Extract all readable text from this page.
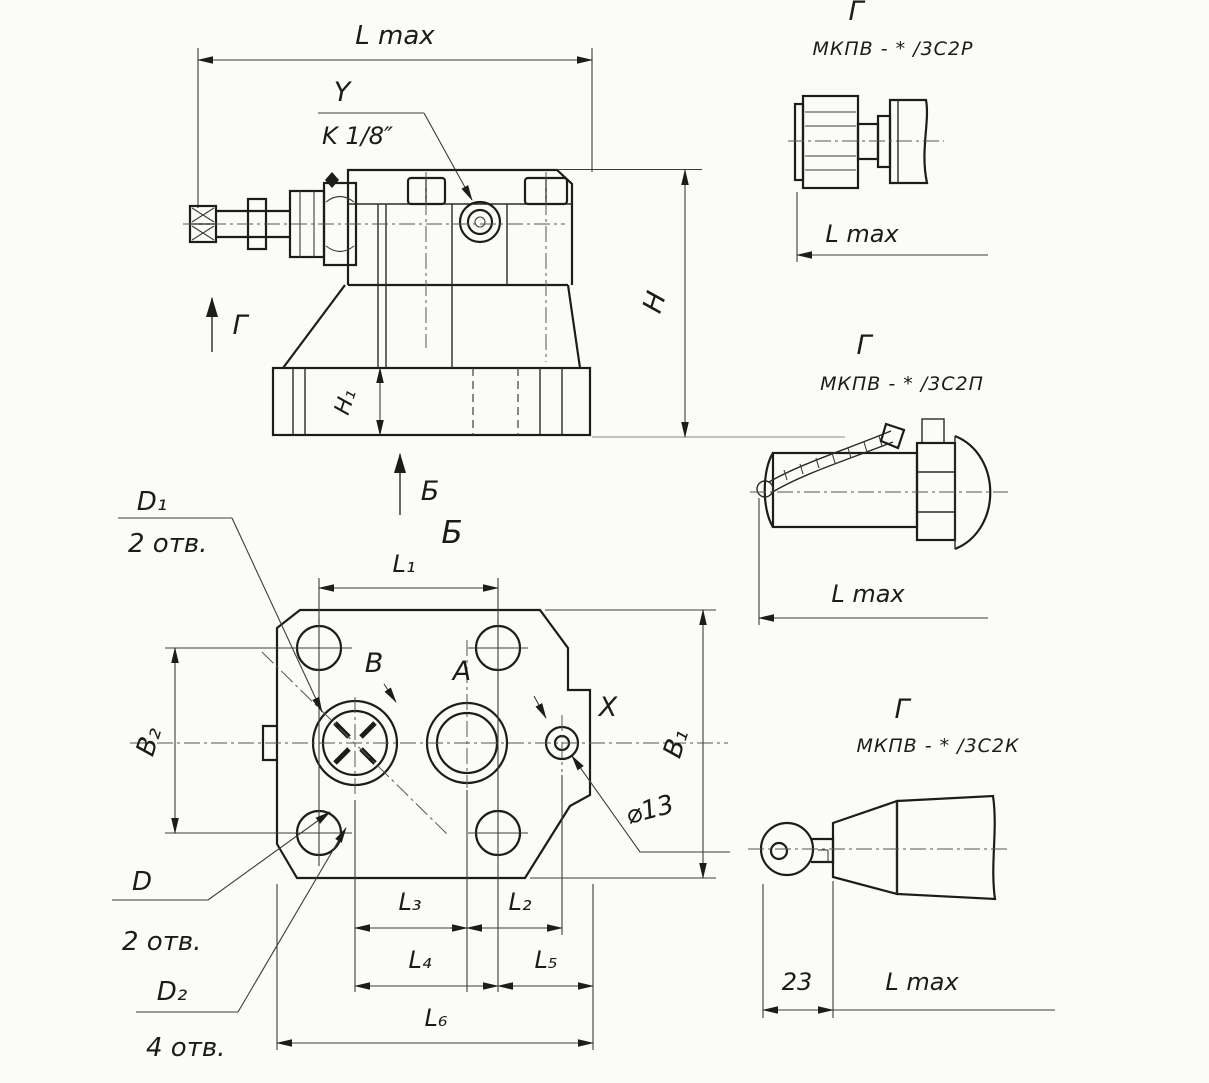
L max
Y
K 1/8″
H
H₁
Г
Б
Б
L₁
B₂	B₁
L₃	L₂
L₄	L₅
L₆
B	A
X
⌀13
D₁
2 отв.
D
2 отв.
D₂
4 отв.
Г
МКПВ - * /3С2Р
L max
Г
МКПВ - * /3С2П
L max
Г
МКПВ - * /3С2К
23	L max
